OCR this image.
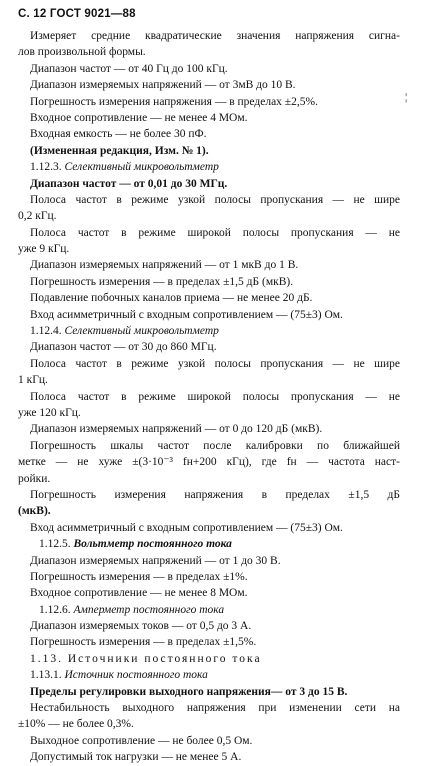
С. 12 ГОСТ 9021—88
¦
Измеряет средние квадратические значения напряжения сигна-
лов произвольной формы.
Диапазон частот — от 40 Гц до 100 кГц.
Диапазон измеряемых напряжений — от 3мВ до 10 В.
Погрешность измерения напряжения — в пределах ±2,5%.
Входное сопротивление — не менее 4 МОм.
Входная емкость — не более 30 пФ.
(Измененная редакция, Изм. № 1).
1.12.3. Селективный микровольтметр
Диапазон частот — от 0,01 до 30 МГц.
Полоса частот в режиме узкой полосы пропускания — не шире
0,2 кГц.
Полоса частот в режиме широкой полосы пропускания — не
уже 9 кГц.
Диапазон измеряемых напряжений — от 1 мкВ до 1 В.
Погрешность измерения — в пределах ±1,5 дБ (мкВ).
Подавление побочных каналов приема — не менее 20 дБ.
Вход асимметричный с входным сопротивлением — (75±3) Ом.
1.12.4. Селективный микровольтметр
Диапазон частот — от 30 до 860 МГц.
Полоса частот в режиме узкой полосы пропускания — не шире
1 кГц.
Полоса частот в режиме широкой полосы пропускания — не
уже 120 кГц.
Диапазон измеряемых напряжений — от 0 до 120 дБ (мкВ).
Погрешность шкалы частот после калибровки по ближайшей
метке — не хуже ±(3·10⁻³ fн+200 кГц), где fн — частота наст-
ройки.
Погрешность измерения напряжения в пределах ±1,5 дБ
(мкВ).
Вход асимметричный с входным сопротивлением — (75±3) Ом.
1.12.5. Вольтметр постоянного тока
Диапазон измеряемых напряжений — от 1 до 30 В.
Погрешность измерения — в пределах ±1%.
Входное сопротивление — не менее 8 МОм.
1.12.6. Амперметр постоянного тока
Диапазон измеряемых токов — от 0,5 до 3 А.
Погрешность измерения — в пределах ±1,5%.
1.13. Источники постоянного тока
1.13.1. Источник постоянного тока
Пределы регулировки выходного напряжения— от 3 до 15 В.
Нестабильность выходного напряжения при изменении сети на
±10% — не более 0,3%.
Выходное сопротивление — не более 0,5 Ом.
Допустимый ток нагрузки — не менее 5 А.
